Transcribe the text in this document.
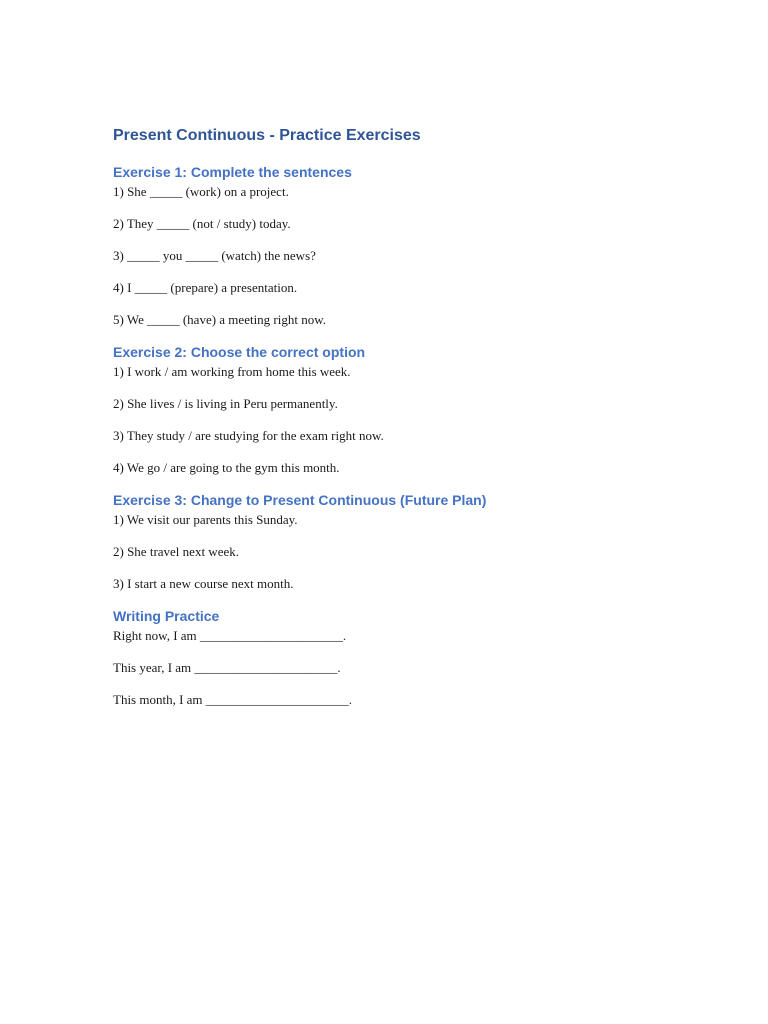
Present Continuous - Practice Exercises
Exercise 1: Complete the sentences

1) She _____ (work) on a project.

2) They _____ (not / study) today.

3) _____ you _____ (watch) the news?

4) I _____ (prepare) a presentation.

5) We _____ (have) a meeting right now.

Exercise 2: Choose the correct option

1) I work / am working from home this week.

2) She lives / is living in Peru permanently.

3) They study / are studying for the exam right now.

4) We go / are going to the gym this month.

Exercise 3: Change to Present Continuous (Future Plan)

1) We visit our parents this Sunday.

2) She travel next week.

3) I start a new course next month.

Writing Practice

Right now, I am ______________________.

This year, I am ______________________.

This month, I am ______________________.
